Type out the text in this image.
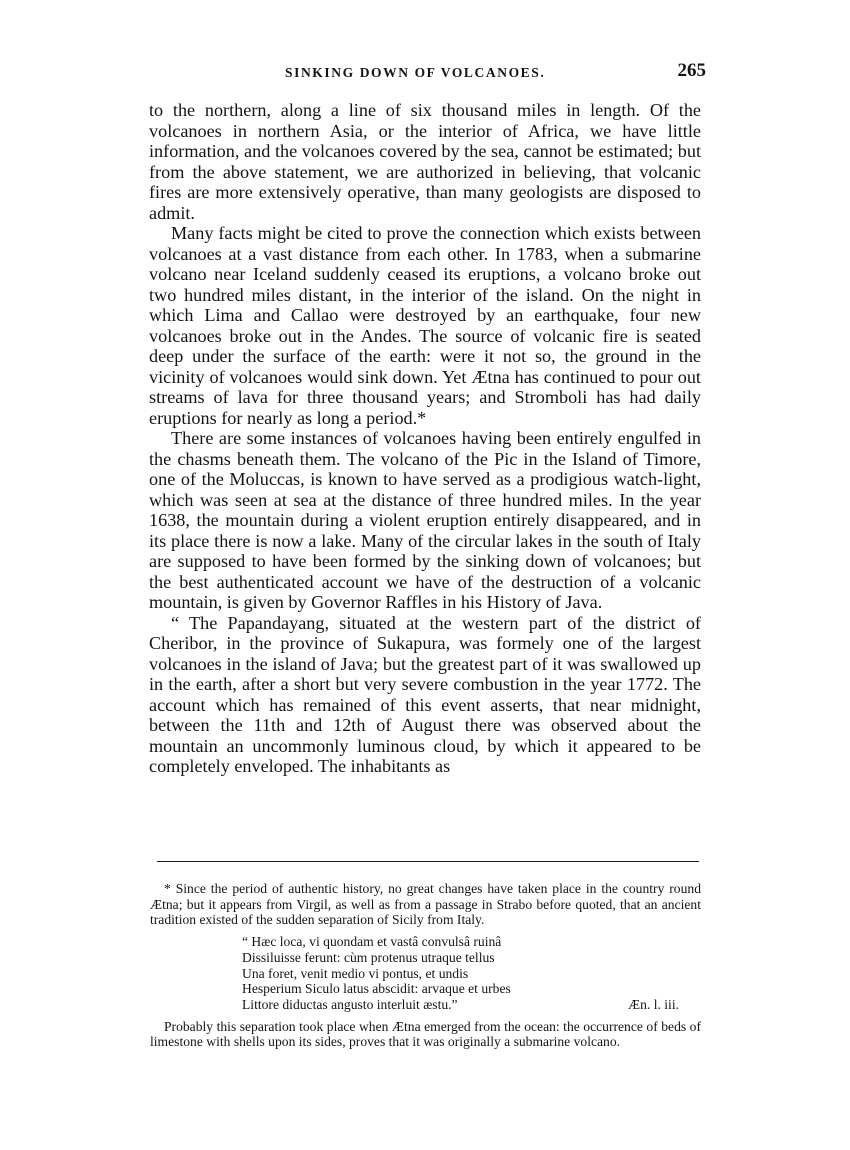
SINKING DOWN OF VOLCANOES.	265

to the northern, along a line of six thousand miles in length. Of the volcanoes in northern Asia, or the interior of Africa, we have little information, and the volcanoes covered by the sea, cannot be estimated; but from the above statement, we are authorized in believing, that volcanic fires are more extensively operative, than many geologists are disposed to admit.

Many facts might be cited to prove the connection which exists between volcanoes at a vast distance from each other. In 1783, when a submarine volcano near Iceland suddenly ceased its eruptions, a volcano broke out two hundred miles distant, in the interior of the island. On the night in which Lima and Callao were destroyed by an earthquake, four new volcanoes broke out in the Andes. The source of volcanic fire is seated deep under the surface of the earth: were it not so, the ground in the vicinity of volcanoes would sink down. Yet Ætna has continued to pour out streams of lava for three thousand years; and Stromboli has had daily eruptions for nearly as long a period.*

There are some instances of volcanoes having been entirely engulfed in the chasms beneath them. The volcano of the Pic in the Island of Timore, one of the Moluccas, is known to have served as a prodigious watch-light, which was seen at sea at the distance of three hundred miles. In the year 1638, the mountain during a violent eruption entirely disappeared, and in its place there is now a lake. Many of the circular lakes in the south of Italy are supposed to have been formed by the sinking down of volcanoes; but the best authenticated account we have of the destruction of a volcanic mountain, is given by Governor Raffles in his History of Java.

“ The Papandayang, situated at the western part of the district of Cheribor, in the province of Sukapura, was formely one of the largest volcanoes in the island of Java; but the greatest part of it was swallowed up in the earth, after a short but very severe combustion in the year 1772. The account which has remained of this event asserts, that near midnight, between the 11th and 12th of August there was observed about the mountain an uncommonly luminous cloud, by which it appeared to be completely enveloped. The inhabitants as

* Since the period of authentic history, no great changes have taken place in the country round Ætna; but it appears from Virgil, as well as from a passage in Strabo before quoted, that an ancient tradition existed of the sudden separation of Sicily from Italy.

“ Hæc loca, vi quondam et vastâ convulsâ ruinâ
Dissiluisse ferunt: cùm protenus utraque tellus
Una foret, venit medio vi pontus, et undis
Hesperium Siculo latus abscidit: arvaque et urbes
Littore diductas angusto interluit æstu.”	Æn. l. iii.

Probably this separation took place when Ætna emerged from the ocean: the occurrence of beds of limestone with shells upon its sides, proves that it was originally a submarine volcano.
